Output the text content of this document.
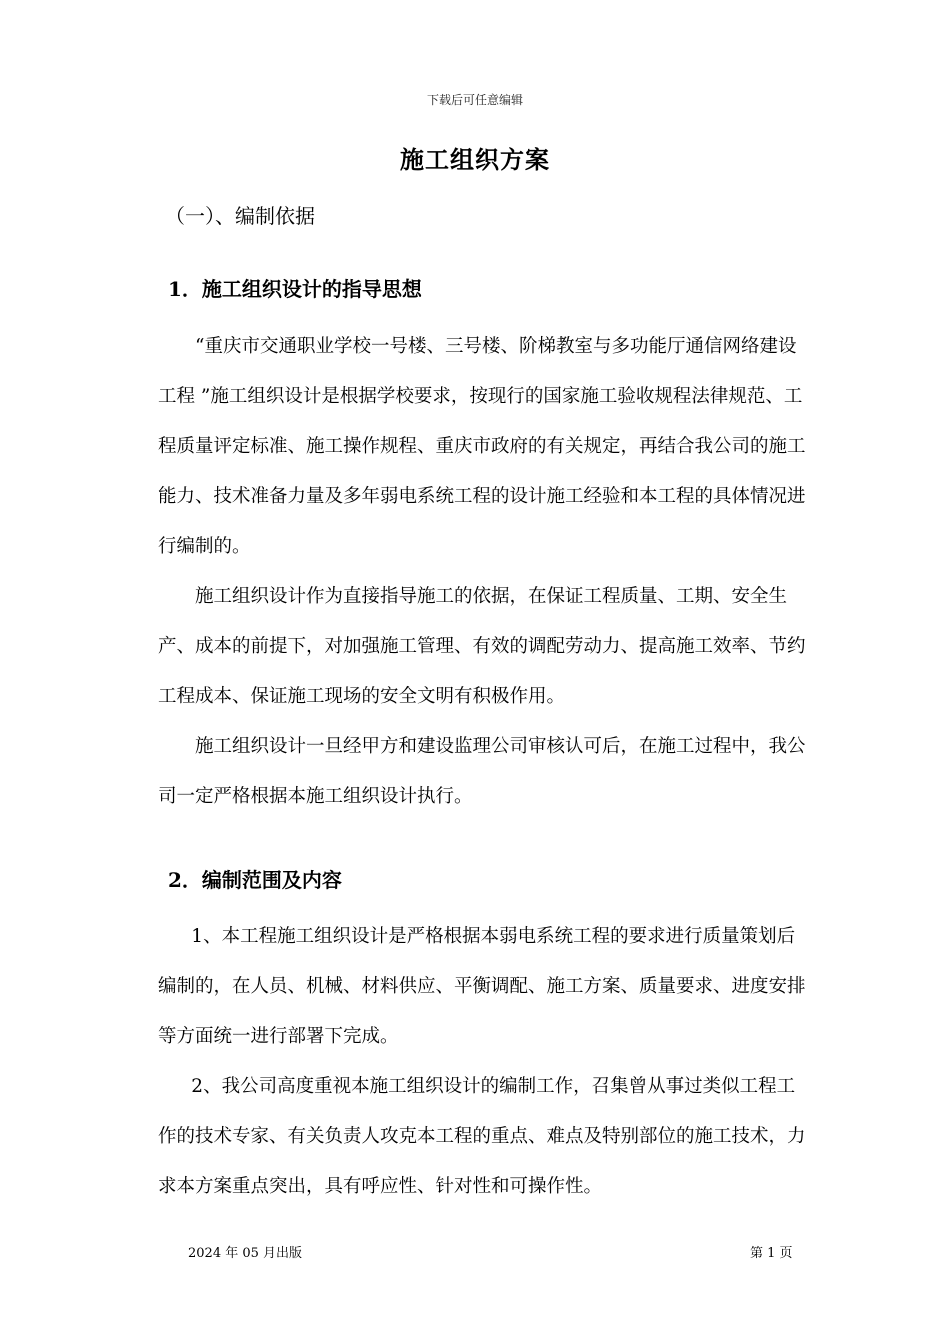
下载后可任意编辑
施工组织方案
（一）、编制依据
1．施工组织设计的指导思想

“重庆市交通职业学校一号楼、三号楼、阶梯教室与多功能厅通信网络建设工程 ”施工组织设计是根据学校要求，按现行的国家施工验收规程法律规范、工程质量评定标准、施工操作规程、重庆市政府的有关规定，再结合我公司的施工能力、技术准备力量及多年弱电系统工程的设计施工经验和本工程的具体情况进行编制的。

施工组织设计作为直接指导施工的依据，在保证工程质量、工期、安全生产、成本的前提下，对加强施工管理、有效的调配劳动力、提高施工效率、节约工程成本、保证施工现场的安全文明有积极作用。

施工组织设计一旦经甲方和建设监理公司审核认可后，在施工过程中，我公司一定严格根据本施工组织设计执行。

2．编制范围及内容

1、本工程施工组织设计是严格根据本弱电系统工程的要求进行质量策划后编制的，在人员、机械、材料供应、平衡调配、施工方案、质量要求、进度安排等方面统一进行部署下完成。

2、我公司高度重视本施工组织设计的编制工作，召集曾从事过类似工程工作的技术专家、有关负责人攻克本工程的重点、难点及特别部位的施工技术，力求本方案重点突出，具有呼应性、针对性和可操作性。

2024 年 05 月出版	第 1 页
